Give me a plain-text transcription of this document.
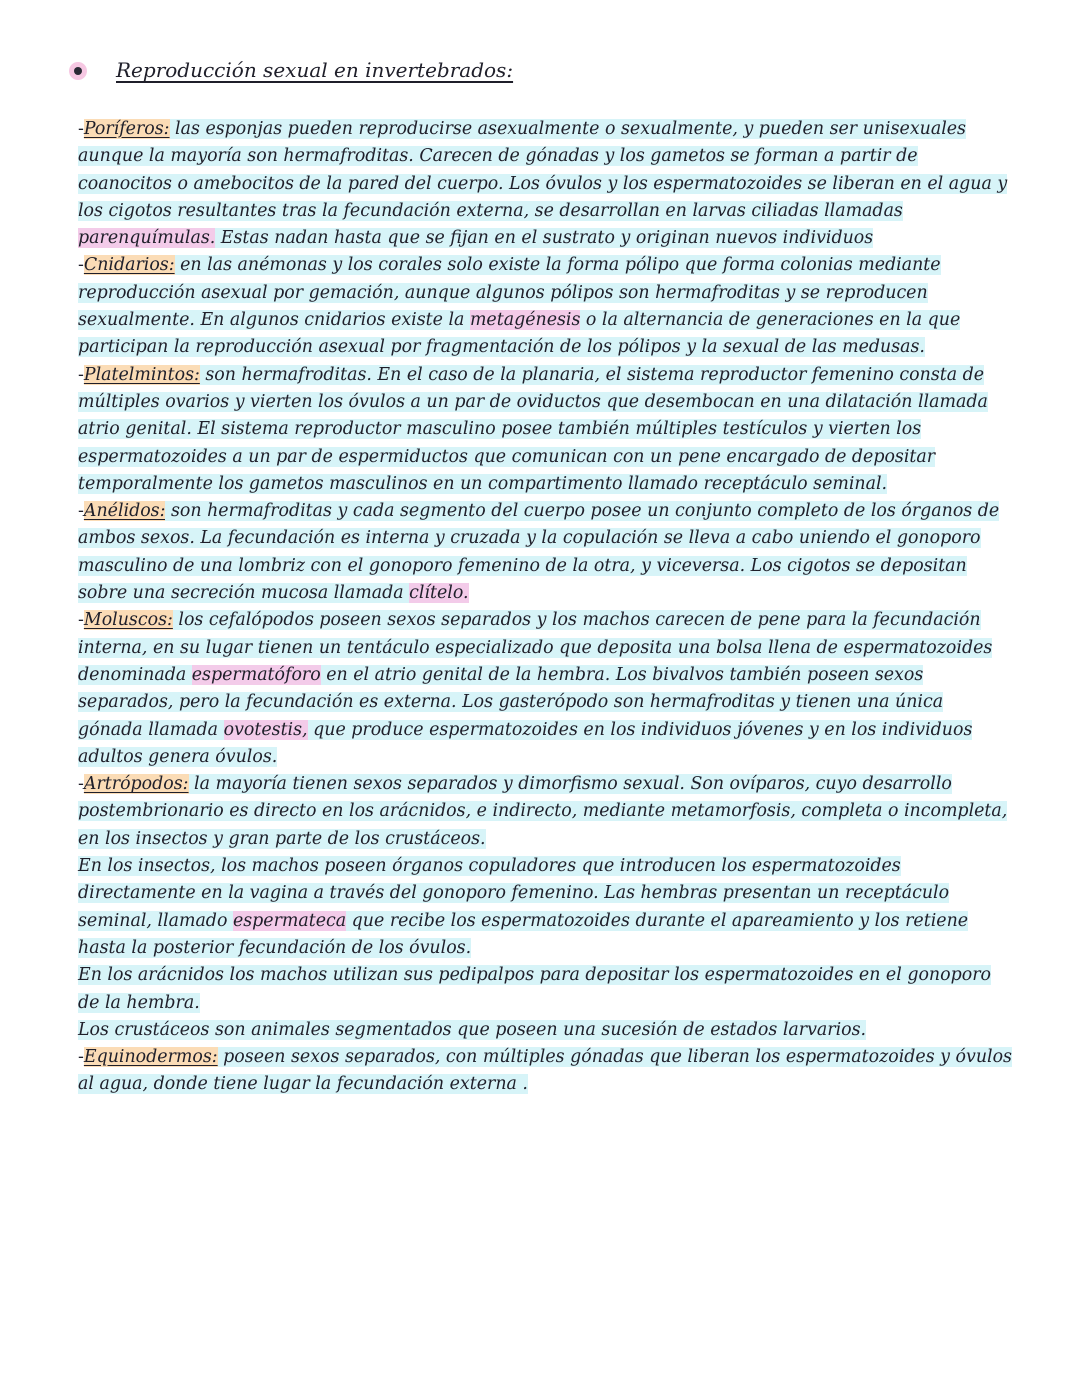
Reproducción sexual en invertebrados:

-Poríferos: las esponjas pueden reproducirse asexualmente o sexualmente, y pueden ser unisexuales aunque la mayoría son hermafroditas. Carecen de gónadas y los gametos se forman a partir de coanocitos o amebocitos de la pared del cuerpo. Los óvulos y los espermatozoides se liberan en el agua y los cigotos resultantes tras la fecundación externa, se desarrollan en larvas ciliadas llamadas parenquímulas. Estas nadan hasta que se fijan en el sustrato y originan nuevos individuos

-Cnidarios: en las anémonas y los corales solo existe la forma pólipo que forma colonias mediante reproducción asexual por gemación, aunque algunos pólipos son hermafroditas y se reproducen sexualmente. En algunos cnidarios existe la metagénesis o la alternancia de generaciones en la que participan la reproducción asexual por fragmentación de los pólipos y la sexual de las medusas.

-Platelmintos: son hermafroditas. En el caso de la planaria, el sistema reproductor femenino consta de múltiples ovarios y vierten los óvulos a un par de oviductos que desembocan en una dilatación llamada atrio genital. El sistema reproductor masculino posee también múltiples testículos y vierten los espermatozoides a un par de espermiductos que comunican con un pene encargado de depositar temporalmente los gametos masculinos en un compartimento llamado receptáculo seminal.

-Anélidos: son hermafroditas y cada segmento del cuerpo posee un conjunto completo de los órganos de ambos sexos. La fecundación es interna y cruzada y la copulación se lleva a cabo uniendo el gonoporo masculino de una lombriz con el gonoporo femenino de la otra, y viceversa. Los cigotos se depositan sobre una secreción mucosa llamada clítelo.

-Moluscos: los cefalópodos poseen sexos separados y los machos carecen de pene para la fecundación interna, en su lugar tienen un tentáculo especializado que deposita una bolsa llena de espermatozoides denominada espermatóforo en el atrio genital de la hembra. Los bivalvos también poseen sexos separados, pero la fecundación es externa. Los gasterópodo son hermafroditas y tienen una única gónada llamada ovotestis, que produce espermatozoides en los individuos jóvenes y en los individuos adultos genera óvulos.

-Artrópodos: la mayoría tienen sexos separados y dimorfismo sexual. Son ovíparos, cuyo desarrollo postembrionario es directo en los arácnidos, e indirecto, mediante metamorfosis, completa o incompleta, en los insectos y gran parte de los crustáceos.

En los insectos, los machos poseen órganos copuladores que introducen los espermatozoides directamente en la vagina a través del gonoporo femenino. Las hembras presentan un receptáculo seminal, llamado espermateca que recibe los espermatozoides durante el apareamiento y los retiene hasta la posterior fecundación de los óvulos.

En los arácnidos los machos utilizan sus pedipalpos para depositar los espermatozoides en el gonoporo de la hembra.

Los crustáceos son animales segmentados que poseen una sucesión de estados larvarios.

-Equinodermos: poseen sexos separados, con múltiples gónadas que liberan los espermatozoides y óvulos al agua, donde tiene lugar la fecundación externa .
